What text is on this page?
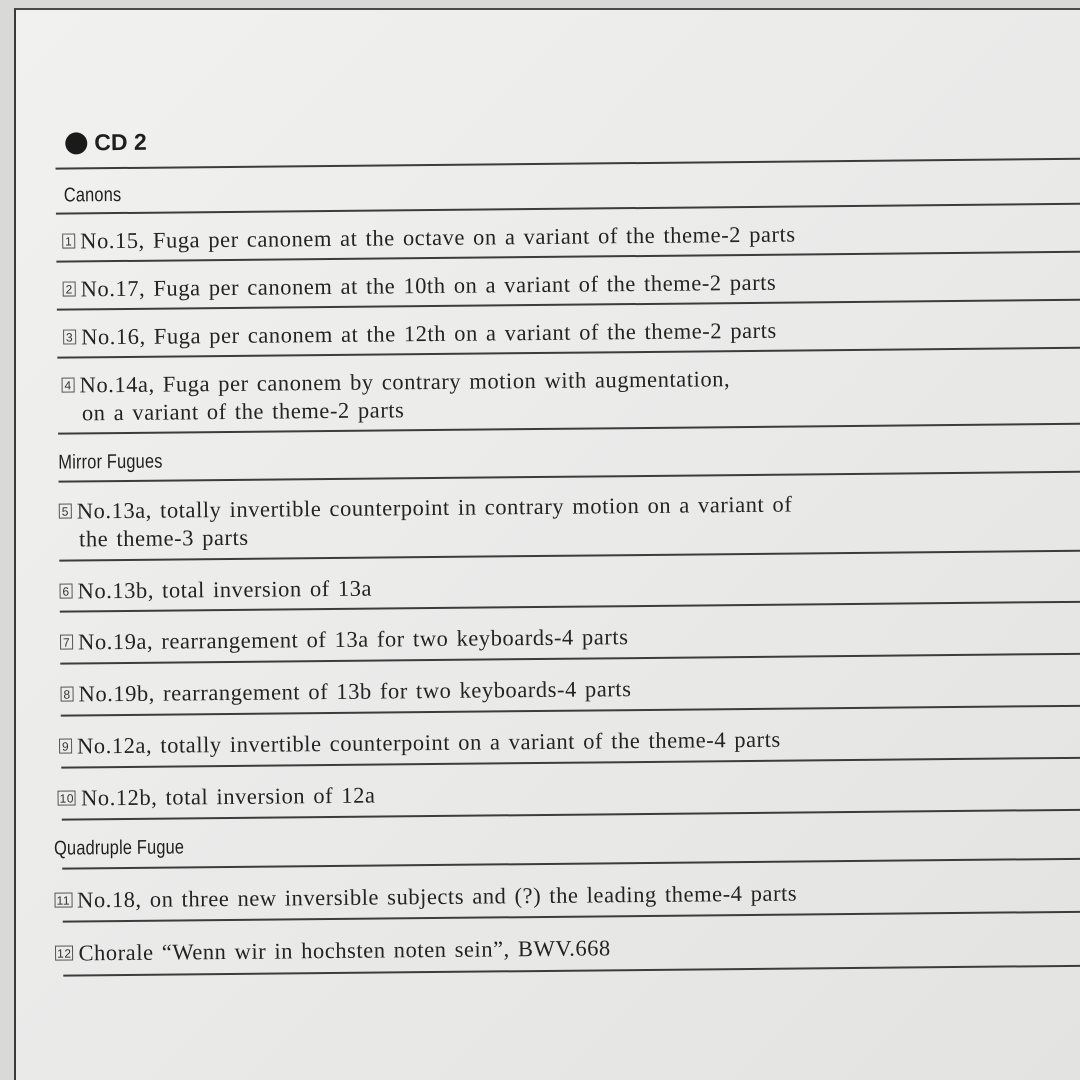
CD 2
Canons
1 No.15, Fuga per canonem at the octave on a variant of the theme-2 parts
2 No.17, Fuga per canonem at the 10th on a variant of the theme-2 parts
3 No.16, Fuga per canonem at the 12th on a variant of the theme-2 parts
4 No.14a, Fuga per canonem by contrary motion with augmentation,
on a variant of the theme-2 parts
Mirror Fugues
5 No.13a, totally invertible counterpoint in contrary motion on a variant of
the theme-3 parts
6 No.13b, total inversion of 13a
7 No.19a, rearrangement of 13a for two keyboards-4 parts
8 No.19b, rearrangement of 13b for two keyboards-4 parts
9 No.12a, totally invertible counterpoint on a variant of the theme-4 parts
10 No.12b, total inversion of 12a
Quadruple Fugue
11 No.18, on three new inversible subjects and (?) the leading theme-4 parts
12 Chorale “Wenn wir in hochsten noten sein”, BWV.668
